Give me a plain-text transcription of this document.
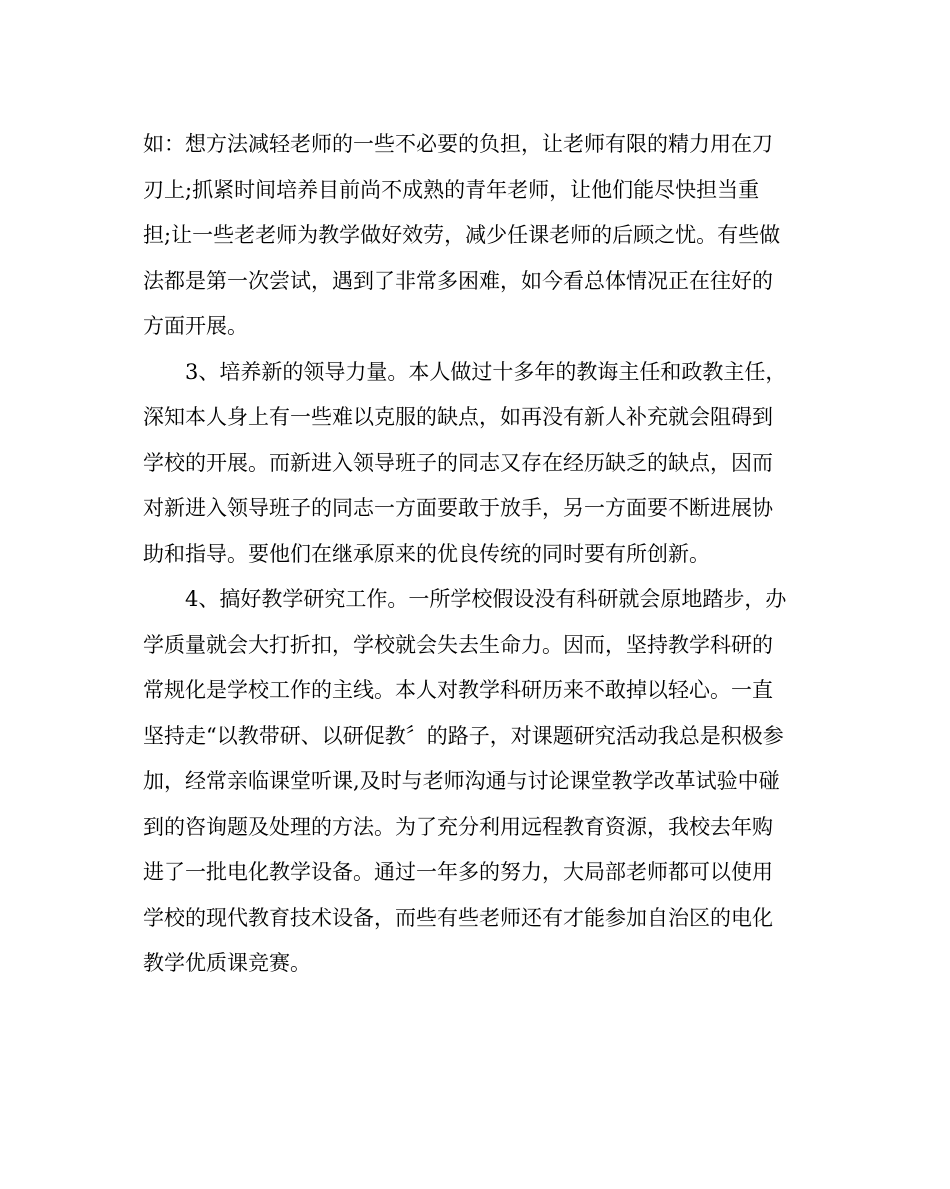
如：想方法减轻老师的一些不必要的负担，让老师有限的精力用在刀
刃上;抓紧时间培养目前尚不成熟的青年老师，让他们能尽快担当重
担;让一些老老师为教学做好效劳，减少任课老师的后顾之忧。有些做
法都是第一次尝试，遇到了非常多困难，如今看总体情况正在往好的
方面开展。
3、培养新的领导力量。本人做过十多年的教诲主任和政教主任，
深知本人身上有一些难以克服的缺点，如再没有新人补充就会阻碍到
学校的开展。而新进入领导班子的同志又存在经历缺乏的缺点，因而
对新进入领导班子的同志一方面要敢于放手，另一方面要不断进展协
助和指导。要他们在继承原来的优良传统的同时要有所创新。
4、搞好教学研究工作。一所学校假设没有科研就会原地踏步，办
学质量就会大打折扣，学校就会失去生命力。因而，坚持教学科研的
常规化是学校工作的主线。本人对教学科研历来不敢掉以轻心。一直
坚持走“以教带研、以研促教〞的路子，对课题研究活动我总是积极参
加，经常亲临课堂听课,及时与老师沟通与讨论课堂教学改革试验中碰
到的咨询题及处理的方法。为了充分利用远程教育资源，我校去年购
进了一批电化教学设备。通过一年多的努力，大局部老师都可以使用
学校的现代教育技术设备，而些有些老师还有才能参加自治区的电化
教学优质课竞赛。
